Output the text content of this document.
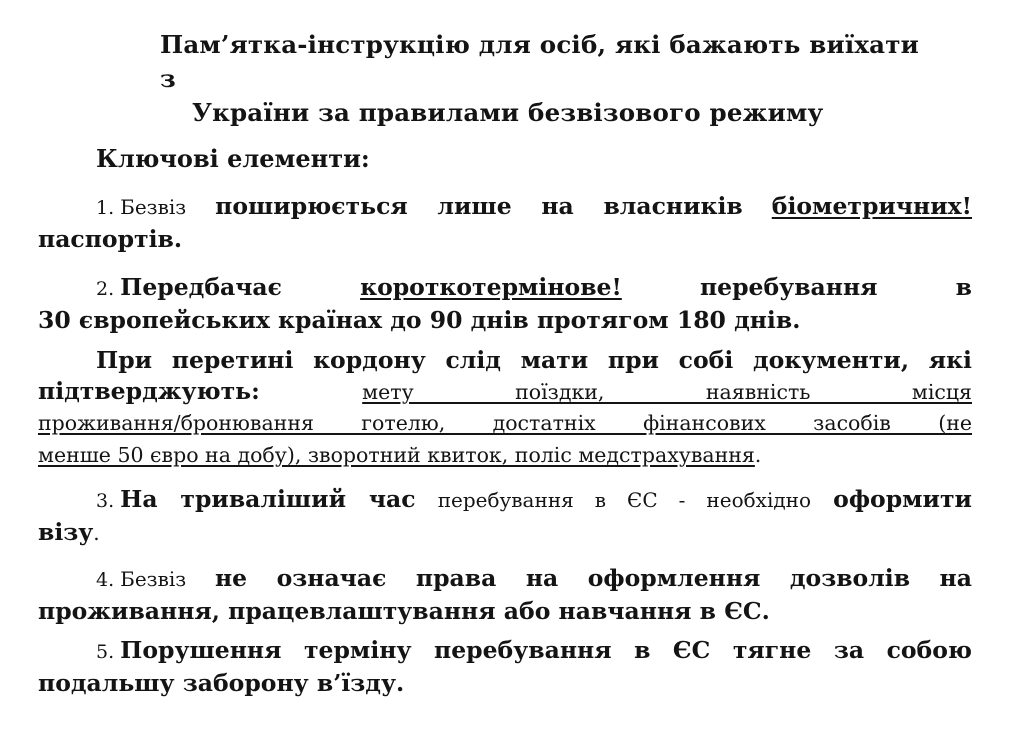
Пам’ятка-інструкцію для осіб, які бажають виїхати з
України за правилами безвізового режиму
Ключові елементи:
1. Безвіз поширюється лише на власників біометричних!
паспортів.
2. Передбачає	короткотермінове!	перебування	в
30 європейських країнах до 90 днів протягом 180 днів.
При перетині кордону слід мати при собі документи, які
підтверджують:	мету поїздки, наявність місця
проживання/бронювання готелю, достатніх фінансових засобів (не
менше 50 євро на добу), зворотний квиток, поліс медстрахування.
3. На триваліший час перебування в ЄС - необхідно оформити
візу.
4. Безвіз не означає права на оформлення дозволів на
проживання, працевлаштування або навчання в ЄС.
5. Порушення терміну перебування в ЄС тягне за собою
подальшу заборону в’їзду.
